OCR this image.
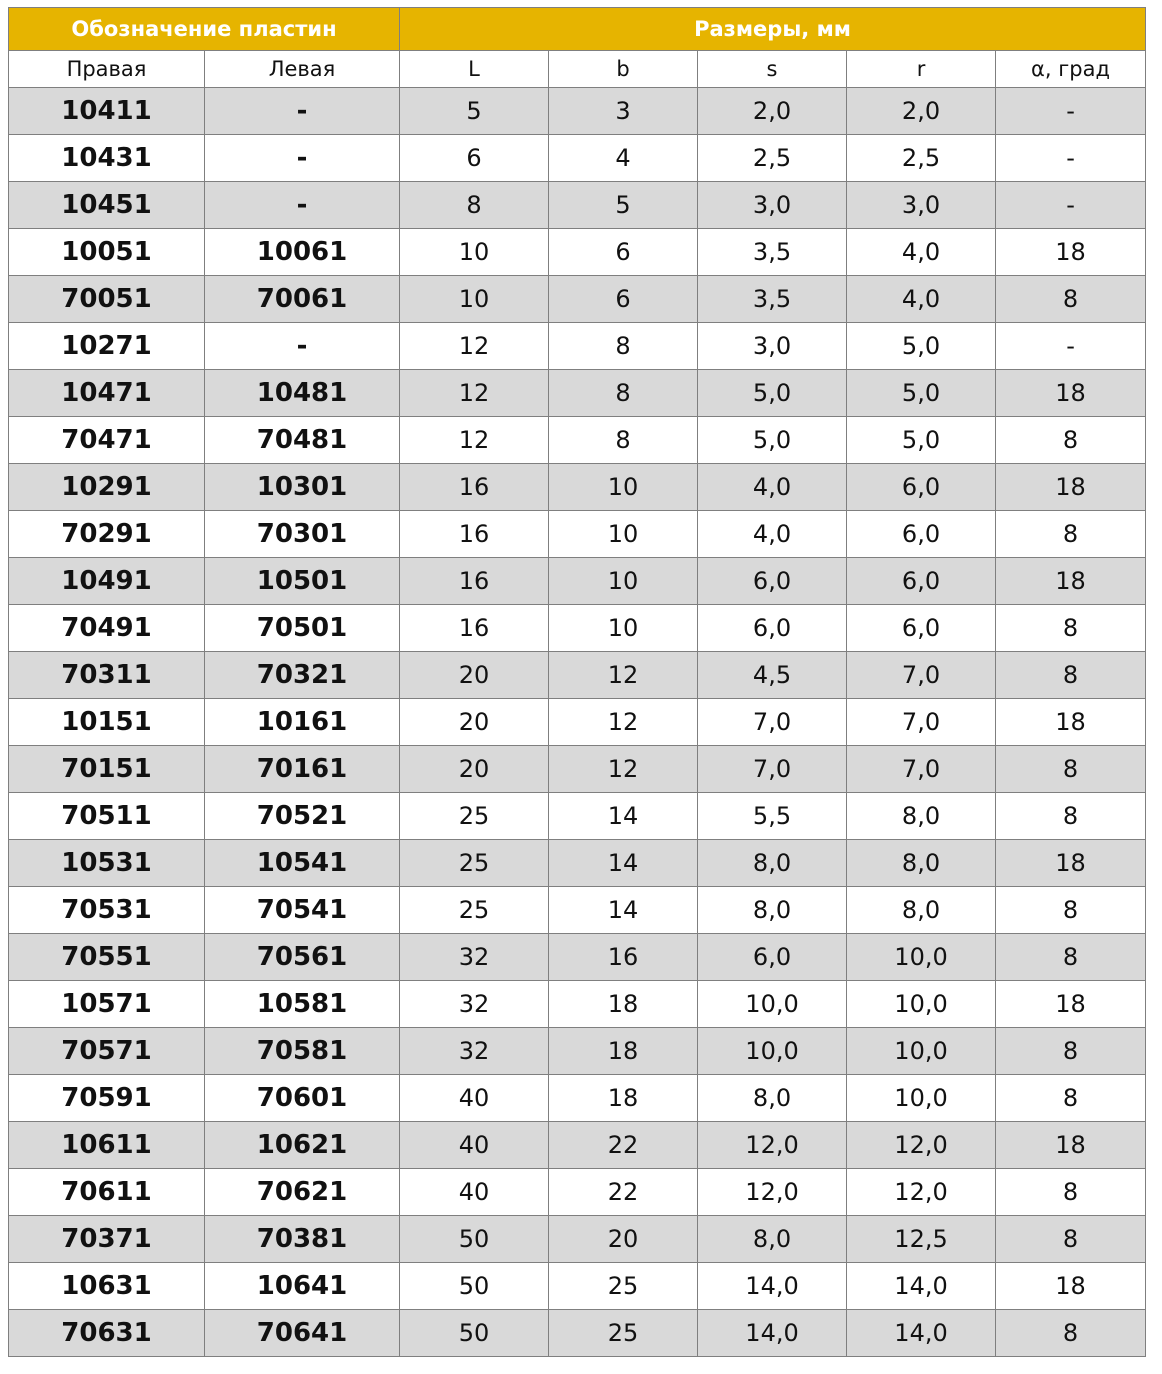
Обозначение пластин		Размеры, мм				
Правая	Левая	L	b	s	r	α, град
10411	-	5	3	2,0	2,0	-
10431	-	6	4	2,5	2,5	-
10451	-	8	5	3,0	3,0	-
10051	10061	10	6	3,5	4,0	18
70051	70061	10	6	3,5	4,0	8
10271	-	12	8	3,0	5,0	-
10471	10481	12	8	5,0	5,0	18
70471	70481	12	8	5,0	5,0	8
10291	10301	16	10	4,0	6,0	18
70291	70301	16	10	4,0	6,0	8
10491	10501	16	10	6,0	6,0	18
70491	70501	16	10	6,0	6,0	8
70311	70321	20	12	4,5	7,0	8
10151	10161	20	12	7,0	7,0	18
70151	70161	20	12	7,0	7,0	8
70511	70521	25	14	5,5	8,0	8
10531	10541	25	14	8,0	8,0	18
70531	70541	25	14	8,0	8,0	8
70551	70561	32	16	6,0	10,0	8
10571	10581	32	18	10,0	10,0	18
70571	70581	32	18	10,0	10,0	8
70591	70601	40	18	8,0	10,0	8
10611	10621	40	22	12,0	12,0	18
70611	70621	40	22	12,0	12,0	8
70371	70381	50	20	8,0	12,5	8
10631	10641	50	25	14,0	14,0	18
70631	70641	50	25	14,0	14,0	8
